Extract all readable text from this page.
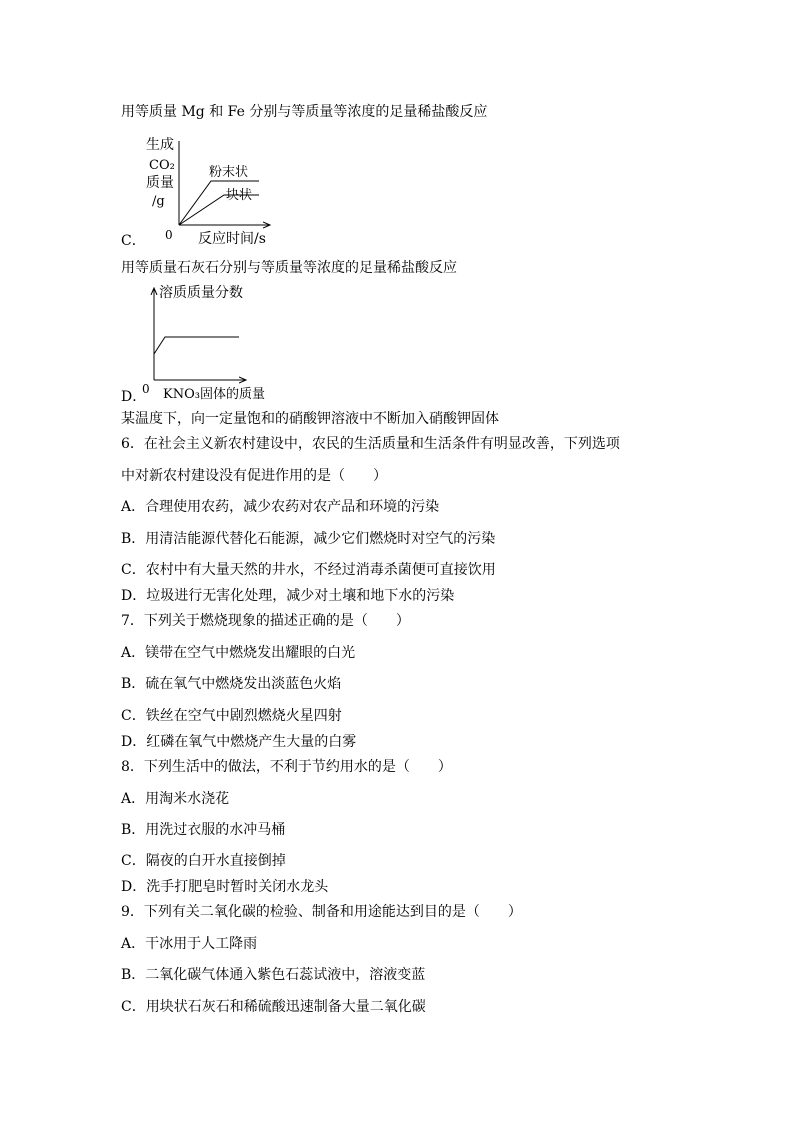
用等质量 Mg 和 Fe 分别与等质量等浓度的足量稀盐酸反应
生成
CO₂
质量
/g
粉末状
块状
0 反应时间/s
C．
用等质量石灰石分别与等质量等浓度的足量稀盐酸反应
溶质质量分数
0 KNO₃固体的质量
D．
某温度下，向一定量饱和的硝酸钾溶液中不断加入硝酸钾固体
6．在社会主义新农村建设中，农民的生活质量和生活条件有明显改善，下列选项
中对新农村建设没有促进作用的是（　　）
A．合理使用农药，减少农药对农产品和环境的污染
B．用清洁能源代替化石能源，减少它们燃烧时对空气的污染
C．农村中有大量天然的井水，不经过消毒杀菌便可直接饮用
D．垃圾进行无害化处理，减少对土壤和地下水的污染
7．下列关于燃烧现象的描述正确的是（　　）
A．镁带在空气中燃烧发出耀眼的白光
B．硫在氧气中燃烧发出淡蓝色火焰
C．铁丝在空气中剧烈燃烧火星四射
D．红磷在氧气中燃烧产生大量的白雾
8．下列生活中的做法，不利于节约用水的是（　　）
A．用淘米水浇花
B．用洗过衣服的水冲马桶
C．隔夜的白开水直接倒掉
D．洗手打肥皂时暂时关闭水龙头
9．下列有关二氧化碳的检验、制备和用途能达到目的是（　　）
A．干冰用于人工降雨
B．二氧化碳气体通入紫色石蕊试液中，溶液变蓝
C．用块状石灰石和稀硫酸迅速制备大量二氧化碳
